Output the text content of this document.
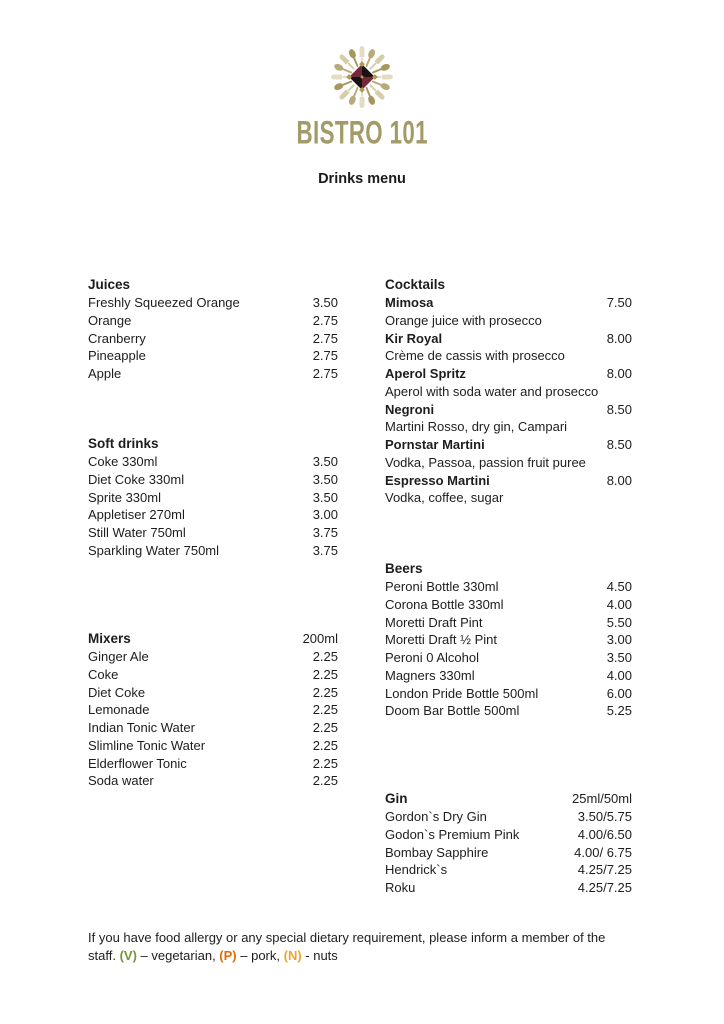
BISTRO 101
Drinks menu
Juices
Freshly Squeezed Orange	3.50
Orange	2.75
Cranberry	2.75
Pineapple	2.75
Apple	2.75
Soft drinks
Coke 330ml	3.50
Diet Coke 330ml	3.50
Sprite 330ml	3.50
Appletiser 270ml	3.00
Still Water 750ml	3.75
Sparkling Water 750ml	3.75
Mixers	200ml
Ginger Ale	2.25
Coke	2.25
Diet Coke	2.25
Lemonade	2.25
Indian Tonic Water	2.25
Slimline Tonic Water	2.25
Elderflower Tonic	2.25
Soda water	2.25
Cocktails
Mimosa	7.50
Orange juice with prosecco
Kir Royal	8.00
Crème de cassis with prosecco
Aperol Spritz	8.00
Aperol with soda water and prosecco
Negroni	8.50
Martini Rosso, dry gin, Campari
Pornstar Martini	8.50
Vodka, Passoa, passion fruit puree
Espresso Martini	8.00
Vodka, coffee, sugar
Beers
Peroni Bottle 330ml	4.50
Corona Bottle 330ml	4.00
Moretti Draft Pint	5.50
Moretti Draft ½ Pint	3.00
Peroni 0 Alcohol	3.50
Magners 330ml	4.00
London Pride Bottle 500ml	6.00
Doom Bar Bottle 500ml	5.25
Gin	25ml/50ml
Gordon`s Dry Gin	3.50/5.75
Godon`s Premium Pink	4.00/6.50
Bombay Sapphire	4.00/ 6.75
Hendrick`s	4.25/7.25
Roku	4.25/7.25
If you have food allergy or any special dietary requirement, please inform a member of the
staff. (V) – vegetarian, (P) – pork, (N) - nuts
